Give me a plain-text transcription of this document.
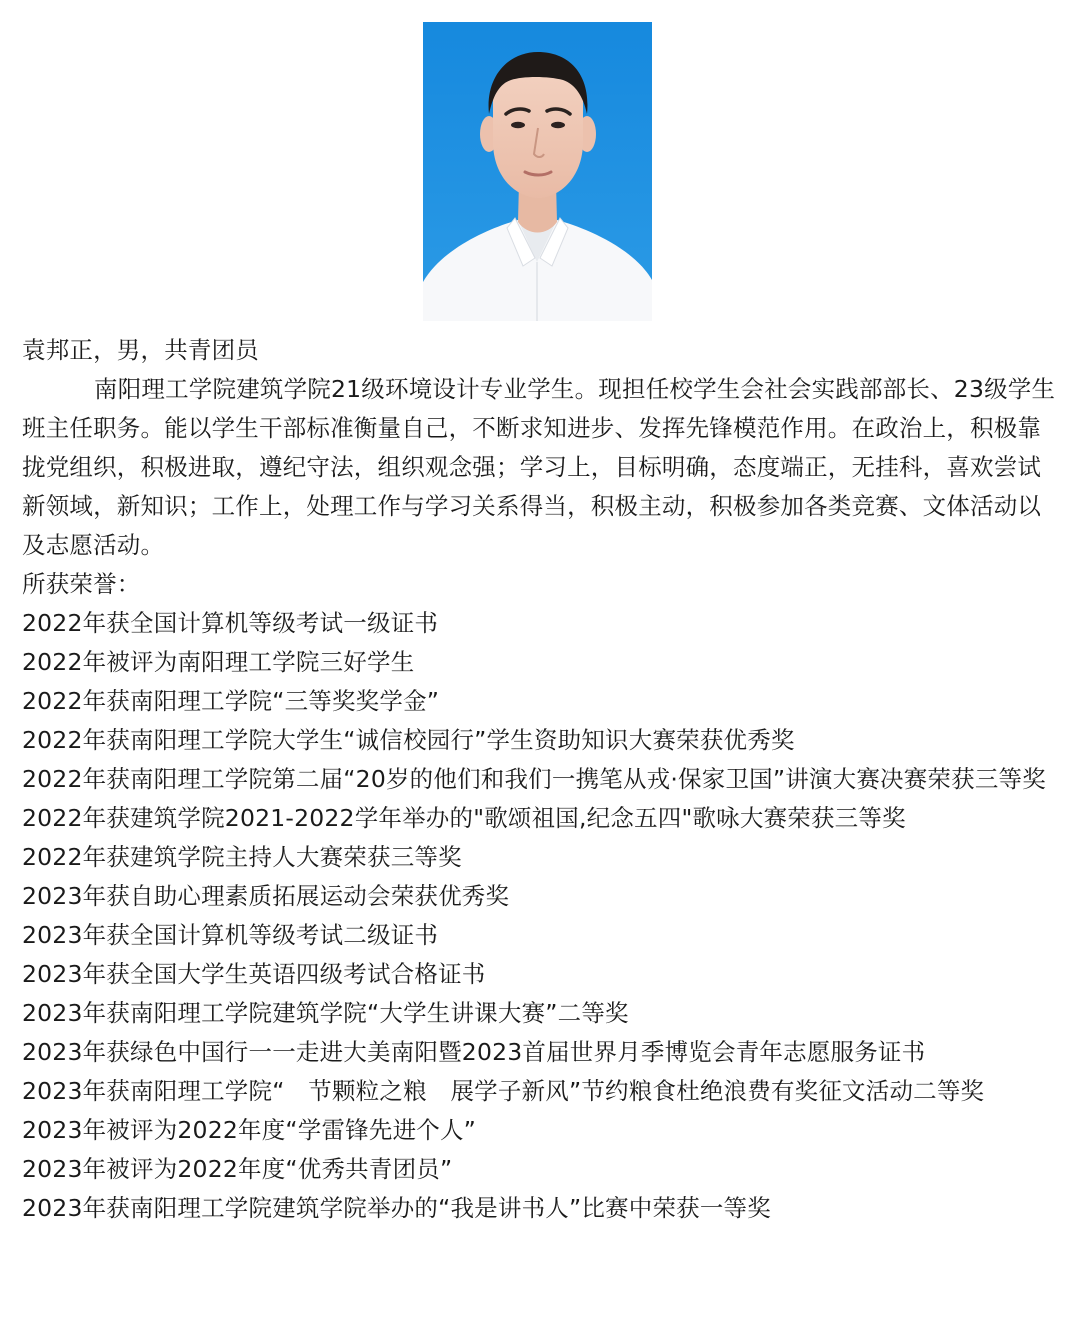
袁邦正，男，共青团员

南阳理工学院建筑学院21级环境设计专业学生。现担任校学生会社会实践部部长、23级学生班主任职务。能以学生干部标准衡量自己，不断求知进步、发挥先锋模范作用。在政治上，积极靠拢党组织，积极进取，遵纪守法，组织观念强；学习上，目标明确，态度端正，无挂科，喜欢尝试新领域，新知识；工作上，处理工作与学习关系得当，积极主动，积极参加各类竞赛、文体活动以及志愿活动。

所获荣誉：

2022年获全国计算机等级考试一级证书
2022年被评为南阳理工学院三好学生
2022年获南阳理工学院“三等奖奖学金”
2022年获南阳理工学院大学生“诚信校园行”学生资助知识大赛荣获优秀奖
2022年获南阳理工学院第二届“20岁的他们和我们一携笔从戎·保家卫国”讲演大赛决赛荣获三等奖
2022年获建筑学院2021-2022学年举办的"歌颂祖国,纪念五四"歌咏大赛荣获三等奖
2022年获建筑学院主持人大赛荣获三等奖
2023年获自助心理素质拓展运动会荣获优秀奖
2023年获全国计算机等级考试二级证书
2023年获全国大学生英语四级考试合格证书
2023年获南阳理工学院建筑学院“大学生讲课大赛”二等奖
2023年获绿色中国行一一走进大美南阳暨2023首届世界月季博览会青年志愿服务证书
2023年获南阳理工学院“　节颗粒之粮　展学子新风”节约粮食杜绝浪费有奖征文活动二等奖
2023年被评为2022年度“学雷锋先进个人”
2023年被评为2022年度“优秀共青团员”
2023年获南阳理工学院建筑学院举办的“我是讲书人”比赛中荣获一等奖
